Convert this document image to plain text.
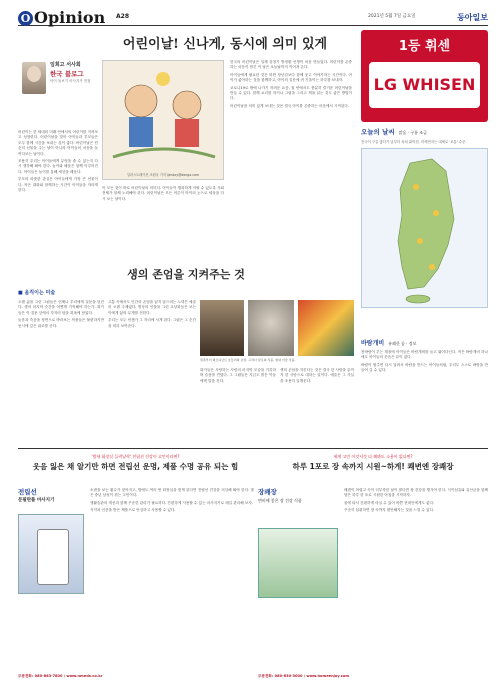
O Opinion A28	2021년 5월 7일 금요일	동아일보
어린이날! 신나게, 동시에 의미 있게
임희고 서사회
한국 블로그
아이 돌보기 마사지사 전집

어린이는 한 세대의 미래 안에서의 어린이를 지켜보고 성장한다. 어린이날을 맞아 아이들과 부모들은 모두 함께 시간을 보내는 것이 좋다. 어린이날은 단순히 선물을 주는 날이 아니라 아이들의 마음을 들여다보는 날이다.

조용히 우리는 아이들에게 무엇을 줄 수 있는지 다시 생각해 봐야 한다. 놀이와 배움은 함께 이루어진다. 아이들은 놀이를 통해 세상을 배운다.

부모의 따뜻한 관심은 아이들에게 가장 큰 선물이다. 작은 대화와 함께하는 시간이 아이들을 자라게 한다.

일러스트레이션 조원국 기자 ljenkzy@donga.com

이 모든 것이 바로 어린이날의 의미다. 아이들이 행복하게 자랄 수 있도록 사회 전체가 함께 노력해야 한다. 어린이날은 모든 어른이 아이의 눈으로 세상을 다시 보는 날이다.

한국의 어린이날은 일제 강점기 방정환 선생이 처음 만들었다. 어린이를 존중하는 마음이 담긴 이 날은 오늘날까지 이어져 온다.

아이들에게 필요한 것은 비싼 장난감보다 함께 웃고 이야기하는 시간이다. 아이가 좋아하는 것을 함께하고, 아이의 질문에 귀 기울이는 하루를 보내자.

코로나19로 밖에 나가기 어려운 요즘, 집 안에서도 충분히 즐거운 어린이날을 만들 수 있다. 함께 요리를 하거나 그림을 그리고 책을 읽는 것도 좋은 방법이다.

어린이날을 의미 있게 보내는 것은 결국 아이를 존중하는 마음에서 시작된다.

1등 휘센
LG WHISEN
오늘의 날씨 맑음 · 구름 조금
전국이 구름 많다가 낮부터 차차 맑아짐. 미세먼지는 대체로 '보통' 수준.
생의 존엄을 지켜주는 것
■ 움직이는 미술

오랜 삶을 그린 그림들은 언제나 우리에게 질문을 던진다. 생의 마지막 순간을 어떻게 기억해야 하는가. 화가들은 이 질문 앞에서 각자의 답을 화폭에 담았다.

늙음과 죽음을 정면으로 바라보는 작품들은 불편하지만 동시에 깊은 위로를 준다.

고통 속에서도 인간의 존엄을 잃지 않으려는 노력은 예술의 오랜 주제였다. 병상의 인물을 그린 초상화들은 보는 이에게 삶의 무게를 전한다.

우리는 모두 언젠가 그 자리에 서게 된다. 그림은 그 순간을 미리 보여준다.

왼쪽부터 페르디난트 호들러의 초상, 프리다 칼로의 작품, 현대 미술 작품.

화가들은 사랑하는 사람의 마지막 모습을 기록하며 슬픔을 견뎠다. 그 그림들은 지금도 많은 이들에게 말을 건다.

생의 존엄을 지킨다는 것은 결국 한 사람을 끝까지 한 사람으로 대하는 일이다. 예술은 그 사실을 조용히 일깨운다.

바람개비 유쾌한 꿈 · 정보

봄바람이 부는 계절에 아이들은 바람개비를 들고 뛰어다닌다. 작은 바람개비 하나에도 아이들의 웃음은 끝이 없다.

바람이 멈추면 다시 달려서 바람을 만드는 아이들처럼, 우리도 스스로 바람을 만들어 갈 수 있다.

'밤새 화장실 들락날락' 전립선 건강이 고민이라면?
웃음 잃은 채 알기만 하면 전립선 운명, 제품 수명 공유 되는 힘
세계 고민 이것저것 다 해봐도 소용이 없다면?
하루 1포로 장 속까지 시원~하게! 쾌변엔 장쾌장
전립선
문필탄플 마사지기

소변을 보는 횟수가 잦아지고, 밤에도 여러 번 화장실을 찾게 된다면 전립선 건강을 의심해 봐야 한다. 많은 중년 남성이 겪는 고민이다.

생활습관의 개선과 함께 꾸준한 관리가 필요하다. 간편하게 사용할 수 있는 마사지기로 매일 관리해 보자.

식약처 인증을 받은 제품으로 안심하고 사용할 수 있다.

주문전화: 080-863-7800 / www.nmeds.co.kr
장쾌장
변비에 좋은 장 건강 식품

배변이 어렵고 속이 더부룩한 날이 많다면 장 건강을 챙겨야 한다. 식이섬유와 유산균을 함께 담은 하루 한 포로 시원한 아침을 시작하자.

물에 타서 간편하게 마실 수 있어 바쁜 현대인에게도 좋다.

꾸준히 섭취하면 장 속까지 편안해지는 것을 느낄 수 있다.

주문전화: 080-830-3000 / www.homeenjoy.com
